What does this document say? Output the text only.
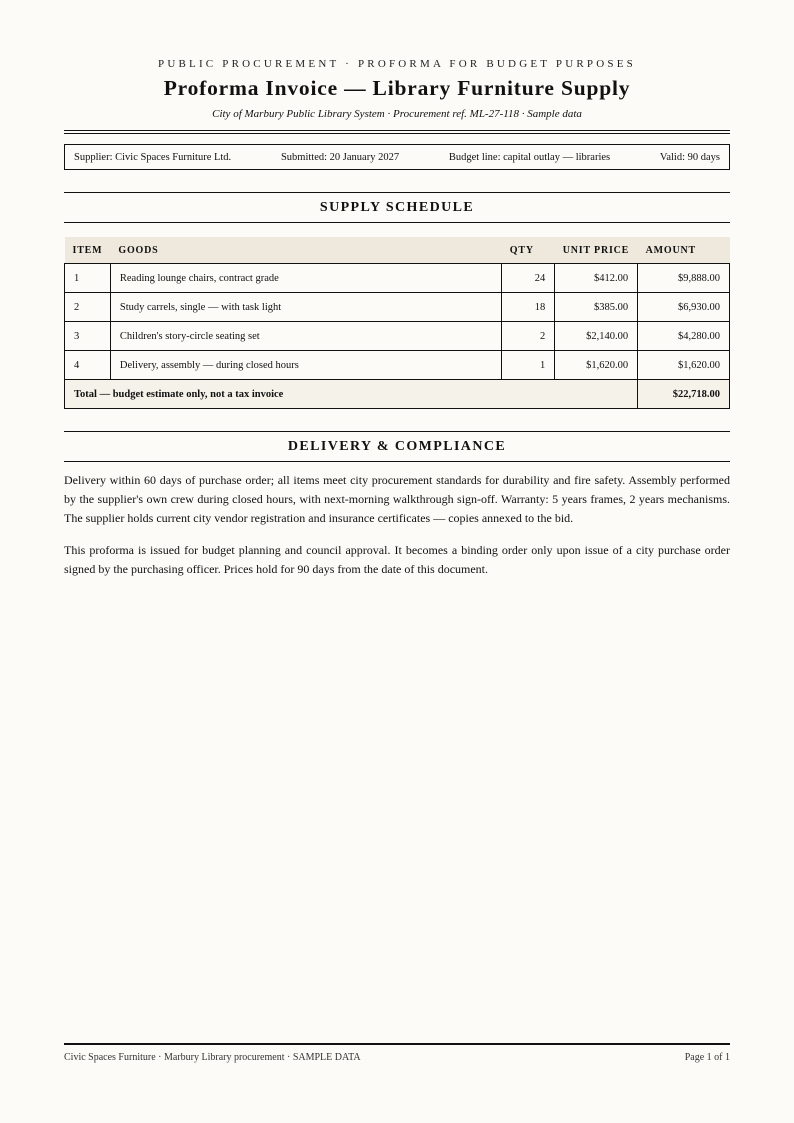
PUBLIC PROCUREMENT · PROFORMA FOR BUDGET PURPOSES
Proforma Invoice — Library Furniture Supply
City of Marbury Public Library System · Procurement ref. ML-27-118 · Sample data
Supplier: Civic Spaces Furniture Ltd.	Submitted: 20 January 2027	Budget line: capital outlay — libraries	Valid: 90 days
SUPPLY SCHEDULE
ITEM	GOODS	QTY	UNIT PRICE	AMOUNT
1	Reading lounge chairs, contract grade	24	$412.00	$9,888.00
2	Study carrels, single — with task light	18	$385.00	$6,930.00
3	Children's story-circle seating set	2	$2,140.00	$4,280.00
4	Delivery, assembly — during closed hours	1	$1,620.00	$1,620.00
Total — budget estimate only, not a tax invoice				$22,718.00
DELIVERY & COMPLIANCE

Delivery within 60 days of purchase order; all items meet city procurement standards for durability and fire safety. Assembly performed by the supplier's own crew during closed hours, with next-morning walkthrough sign-off. Warranty: 5 years frames, 2 years mechanisms. The supplier holds current city vendor registration and insurance certificates — copies annexed to the bid.

This proforma is issued for budget planning and council approval. It becomes a binding order only upon issue of a city purchase order signed by the purchasing officer. Prices hold for 90 days from the date of this document.

Civic Spaces Furniture · Marbury Library procurement · SAMPLE DATA	Page 1 of 1
